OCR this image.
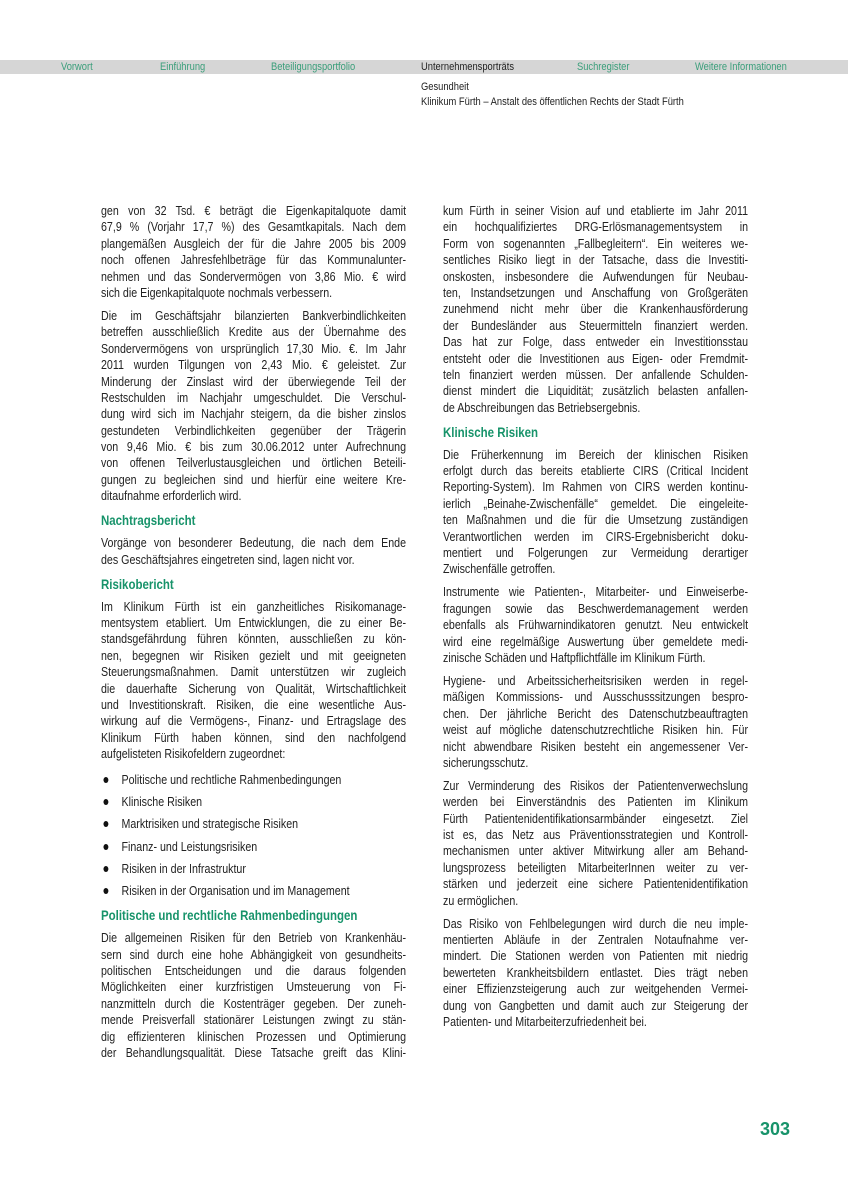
Vorwort	Einführung	Beteiligungsportfolio	Unternehmensporträts	Suchregister	Weitere Informationen
Gesundheit
Klinikum Fürth – Anstalt des öffentlichen Rechts der Stadt Fürth
gen von 32 Tsd. € beträgt die Eigenkapitalquote damit
67,9 % (Vorjahr 17,7 %) des Gesamtkapitals. Nach dem
plangemäßen Ausgleich der für die Jahre 2005 bis 2009
noch offenen Jahresfehlbeträge für das Kommunalunter-
nehmen und das Sondervermögen von 3,86 Mio. € wird
sich die Eigenkapitalquote nochmals verbessern.
Die im Geschäftsjahr bilanzierten Bankverbindlichkeiten
betreffen ausschließlich Kredite aus der Übernahme des
Sondervermögens von ursprünglich 17,30 Mio. €. Im Jahr
2011 wurden Tilgungen von 2,43 Mio. € geleistet. Zur
Minderung der Zinslast wird der überwiegende Teil der
Restschulden im Nachjahr umgeschuldet. Die Verschul-
dung wird sich im Nachjahr steigern, da die bisher zinslos
gestundeten Verbindlichkeiten gegenüber der Trägerin
von 9,46 Mio. € bis zum 30.06.2012 unter Aufrechnung
von offenen Teilverlustausgleichen und örtlichen Beteili-
gungen zu begleichen sind und hierfür eine weitere Kre-
ditaufnahme erforderlich wird.
Nachtragsbericht
Vorgänge von besonderer Bedeutung, die nach dem Ende
des Geschäftsjahres eingetreten sind, lagen nicht vor.
Risikobericht
Im Klinikum Fürth ist ein ganzheitliches Risikomanage-
mentsystem etabliert. Um Entwicklungen, die zu einer Be-
standsgefährdung führen könnten, ausschließen zu kön-
nen, begegnen wir Risiken gezielt und mit geeigneten
Steuerungsmaßnahmen. Damit unterstützen wir zugleich
die dauerhafte Sicherung von Qualität, Wirtschaftlichkeit
und Investitionskraft. Risiken, die eine wesentliche Aus-
wirkung auf die Vermögens-, Finanz- und Ertragslage des
Klinikum Fürth haben können, sind den nachfolgend
aufgelisteten Risikofeldern zugeordnet:
Politische und rechtliche Rahmenbedingungen
Klinische Risiken
Marktrisiken und strategische Risiken
Finanz- und Leistungsrisiken
Risiken in der Infrastruktur
Risiken in der Organisation und im Management
Politische und rechtliche Rahmenbedingungen
Die allgemeinen Risiken für den Betrieb von Krankenhäu-
sern sind durch eine hohe Abhängigkeit von gesundheits-
politischen Entscheidungen und die daraus folgenden
Möglichkeiten einer kurzfristigen Umsteuerung von Fi-
nanzmitteln durch die Kostenträger gegeben. Der zuneh-
mende Preisverfall stationärer Leistungen zwingt zu stän-
dig effizienteren klinischen Prozessen und Optimierung
der Behandlungsqualität. Diese Tatsache greift das Klini-
kum Fürth in seiner Vision auf und etablierte im Jahr 2011
ein hochqualifiziertes DRG-Erlösmanagementsystem in
Form von sogenannten „Fallbegleitern“. Ein weiteres we-
sentliches Risiko liegt in der Tatsache, dass die Investiti-
onskosten, insbesondere die Aufwendungen für Neubau-
ten, Instandsetzungen und Anschaffung von Großgeräten
zunehmend nicht mehr über die Krankenhausförderung
der Bundesländer aus Steuermitteln finanziert werden.
Das hat zur Folge, dass entweder ein Investitionsstau
entsteht oder die Investitionen aus Eigen- oder Fremdmit-
teln finanziert werden müssen. Der anfallende Schulden-
dienst mindert die Liquidität; zusätzlich belasten anfallen-
de Abschreibungen das Betriebsergebnis.
Klinische Risiken
Die Früherkennung im Bereich der klinischen Risiken
erfolgt durch das bereits etablierte CIRS (Critical Incident
Reporting-System). Im Rahmen von CIRS werden kontinu-
ierlich „Beinahe-Zwischenfälle“ gemeldet. Die eingeleite-
ten Maßnahmen und die für die Umsetzung zuständigen
Verantwortlichen werden im CIRS-Ergebnisbericht doku-
mentiert und Folgerungen zur Vermeidung derartiger
Zwischenfälle getroffen.
Instrumente wie Patienten-, Mitarbeiter- und Einweiserbe-
fragungen sowie das Beschwerdemanagement werden
ebenfalls als Frühwarnindikatoren genutzt. Neu entwickelt
wird eine regelmäßige Auswertung über gemeldete medi-
zinische Schäden und Haftpflichtfälle im Klinikum Fürth.
Hygiene- und Arbeitssicherheitsrisiken werden in regel-
mäßigen Kommissions- und Ausschusssitzungen bespro-
chen. Der jährliche Bericht des Datenschutzbeauftragten
weist auf mögliche datenschutzrechtliche Risiken hin. Für
nicht abwendbare Risiken besteht ein angemessener Ver-
sicherungsschutz.
Zur Verminderung des Risikos der Patientenverwechslung
werden bei Einverständnis des Patienten im Klinikum
Fürth Patientenidentifikationsarmbänder eingesetzt. Ziel
ist es, das Netz aus Präventionsstrategien und Kontroll-
mechanismen unter aktiver Mitwirkung aller am Behand-
lungsprozess beteiligten MitarbeiterInnen weiter zu ver-
stärken und jederzeit eine sichere Patientenidentifikation
zu ermöglichen.
Das Risiko von Fehlbelegungen wird durch die neu imple-
mentierten Abläufe in der Zentralen Notaufnahme ver-
mindert. Die Stationen werden von Patienten mit niedrig
bewerteten Krankheitsbildern entlastet. Dies trägt neben
einer Effizienzsteigerung auch zur weitgehenden Vermei-
dung von Gangbetten und damit auch zur Steigerung der
Patienten- und Mitarbeiterzufriedenheit bei.
303
